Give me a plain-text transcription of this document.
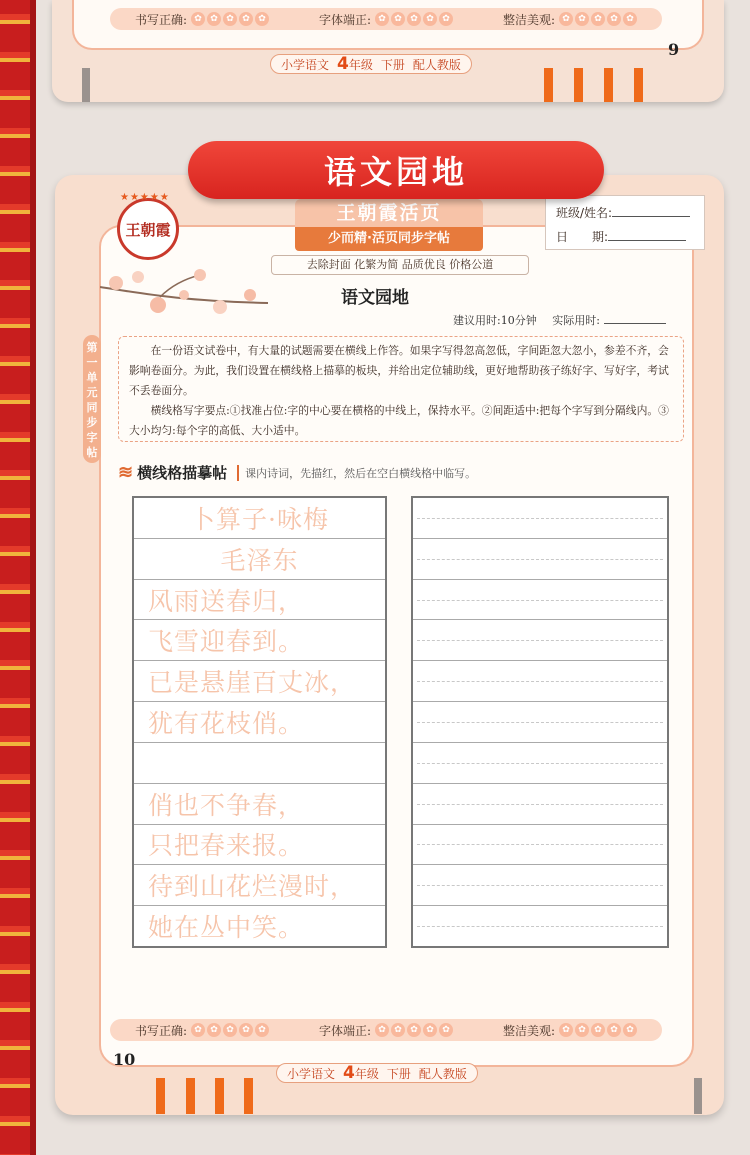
书写正确: ✿ ✿ ✿ ✿ ✿	字体端正: ✿ ✿ ✿ ✿ ✿	整洁美观: ✿ ✿ ✿ ✿ ✿
小学语文 4年级 下册 配人教版
9
★★★★★
王朝霞
王朝霞活页
少而精·活页同步字帖
班级/姓名:
日　　期:
去除封面 化繁为简 品质优良 价格公道
语文园地
语文园地
建议用时:10分钟 实际用时:
第
一
单
元
同
步
字
帖

在一份语文试卷中，有大量的试题需要在横线上作答。如果字写得忽高忽低，字间距忽大忽小，参差不齐，会影响卷面分。为此，我们设置在横线格上描摹的板块，并给出定位辅助线，更好地帮助孩子练好字、写好字，考试不丢卷面分。

横线格写字要点:①找准占位:字的中心要在横格的中线上，保持水平。②间距适中:把每个字写到分隔线内。③大小均匀:每个字的高低、大小适中。

≋ 横线格描摹帖	课内诗词，先描红，然后在空白横线格中临写。
卜算子·咏梅
毛泽东
风雨送春归，
飞雪迎春到。
已是悬崖百丈冰，
犹有花枝俏。
俏也不争春，
只把春来报。
待到山花烂漫时，
她在丛中笑。
书写正确: ✿ ✿ ✿ ✿ ✿	字体端正: ✿ ✿ ✿ ✿ ✿	整洁美观: ✿ ✿ ✿ ✿ ✿
10
小学语文 4年级 下册 配人教版
